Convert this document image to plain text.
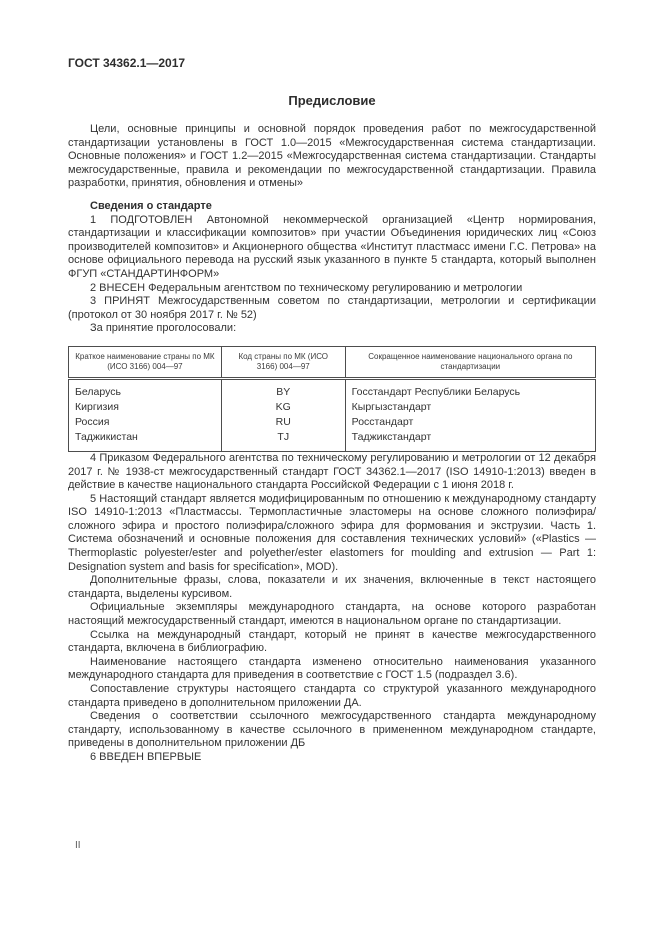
ГОСТ 34362.1—2017
Предисловие

Цели, основные принципы и основной порядок проведения работ по межгосударственной стандартизации установлены в ГОСТ 1.0—2015 «Межгосударственная система стандартизации. Основные положения» и ГОСТ 1.2—2015 «Межгосударственная система стандартизации. Стандарты межгосударственные, правила и рекомендации по межгосударственной стандартизации. Правила разработки, принятия, обновления и отмены»

Сведения о стандарте

1 ПОДГОТОВЛЕН Автономной некоммерческой организацией «Центр нормирования, стандартизации и классификации композитов» при участии Объединения юридических лиц «Союз производителей композитов» и Акционерного общества «Институт пластмасс имени Г.С. Петрова» на основе официального перевода на русский язык указанного в пункте 5 стандарта, который выполнен ФГУП «СТАНДАРТИНФОРМ»

2 ВНЕСЕН Федеральным агентством по техническому регулированию и метрологии

3 ПРИНЯТ Межгосударственным советом по стандартизации, метрологии и сертификации (протокол от 30 ноября 2017 г. № 52)

За принятие проголосовали:

Краткое наименование страны по МК (ИСО 3166) 004—97	Код страны по МК (ИСО 3166) 004—97	Сокращенное наименование национального органа по стандартизации
Беларусь	BY	Госстандарт Республики Беларусь
Киргизия	KG	Кыргызстандарт
Россия	RU	Росстандарт
Таджикистан	TJ	Таджикстандарт

4 Приказом Федерального агентства по техническому регулированию и метрологии от 12 декабря 2017 г. № 1938-ст межгосударственный стандарт ГОСТ 34362.1—2017 (ISO 14910-1:2013) введен в действие в качестве национального стандарта Российской Федерации с 1 июня 2018 г.

5 Настоящий стандарт является модифицированным по отношению к международному стандарту ISO 14910-1:2013 «Пластмассы. Термопластичные эластомеры на основе сложного полиэфира/сложного эфира и простого полиэфира/сложного эфира для формования и экструзии. Часть 1. Система обозначений и основные положения для составления технических условий» («Plastics — Thermoplastic polyester/ester and polyether/ester elastomers for moulding and extrusion — Part 1: Designation system and basis for specification», MOD).

Дополнительные фразы, слова, показатели и их значения, включенные в текст настоящего стандарта, выделены курсивом.

Официальные экземпляры международного стандарта, на основе которого разработан настоящий межгосударственный стандарт, имеются в национальном органе по стандартизации.

Ссылка на международный стандарт, который не принят в качестве межгосударственного стандарта, включена в библиографию.

Наименование настоящего стандарта изменено относительно наименования указанного международного стандарта для приведения в соответствие с ГОСТ 1.5 (подраздел 3.6).

Сопоставление структуры настоящего стандарта со структурой указанного международного стандарта приведено в дополнительном приложении ДА.

Сведения о соответствии ссылочного межгосударственного стандарта международному стандарту, использованному в качестве ссылочного в примененном международном стандарте, приведены в дополнительном приложении ДБ

6 ВВЕДЕН ВПЕРВЫЕ

II
